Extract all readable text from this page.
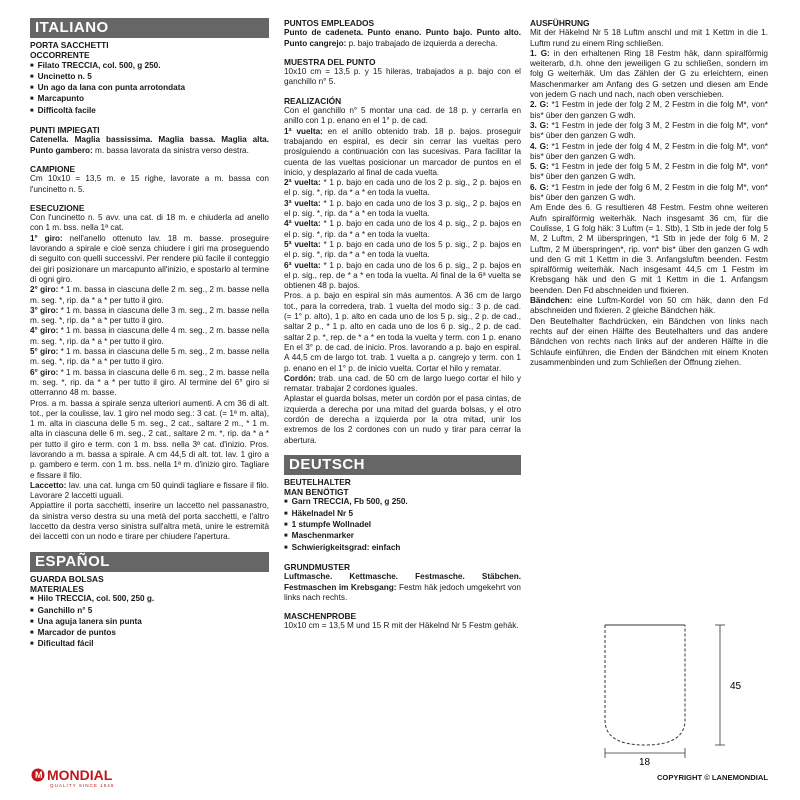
ITALIANO
PORTA SACCHETTI
OCCORRENTE
■ Filato TRECCIA, col. 500, g 250.
■ Uncinetto n. 5
■ Un ago da lana con punta arrotondata
■ Marcapunto
■ Difficoltà facile
PUNTI IMPIEGATI

Catenella. Maglia bassissima. Maglia bassa. Maglia alta. Punto gambero: m. bassa lavorata da sinistra verso destra.

CAMPIONE

Cm 10x10 = 13,5 m. e 15 righe, lavorate a m. bassa con l'uncinetto n. 5.

ESECUZIONE

Con l'uncinetto n. 5 avv. una cat. di 18 m. e chiuderla ad anello con 1 m. bss. nella 1ª cat.

1° giro: nell'anello ottenuto lav. 18 m. basse. proseguire lavorando a spirale e cioè senza chiudere i giri ma proseguendo di seguito con quelli successivi. Per rendere più facile il conteggio dei giri posizionare un marcapunto all'inizio, e spostarlo al termine di ogni giro.

2° giro: * 1 m. bassa in ciascuna delle 2 m. seg., 2 m. basse nella m. seg. *, rip. da * a * per tutto il giro.

3° giro: * 1 m. bassa in ciascuna delle 3 m. seg., 2 m. basse nella m. seg. *, rip. da * a * per tutto il giro.

4° giro: * 1 m. bassa in ciascuna delle 4 m. seg., 2 m. basse nella m. seg. *, rip. da * a * per tutto il giro.

5° giro: * 1 m. bassa in ciascuna delle 5 m. seg., 2 m. basse nella m. seg. *, rip. da * a * per tutto il giro.

6° giro: * 1 m. bassa in ciascuna delle 6 m. seg., 2 m. basse nella m. seg. *, rip. da * a * per tutto il giro. Al termine del 6° giro si otterranno 48 m. basse.

Pros. a m. bassa a spirale senza ulteriori aumenti. A cm 36 di alt. tot., per la coulisse, lav. 1 giro nel modo seg.: 3 cat. (= 1ª m. alta), 1 m. alta in ciascuna delle 5 m. seg., 2 cat., saltare 2 m., * 1 m. alta in ciascuna delle 6 m. seg., 2 cat., saltare 2 m. *, rip. da * a * per tutto il giro e term. con 1 m. bss. nella 3ª cat. d'inizio. Pros. lavorando a m. bassa a spirale. A cm 44,5 di alt. tot. lav. 1 giro a p. gambero e term. con 1 m. bss. nella 1ª m. d'inizio giro. Tagliare e fissare il filo.

Laccetto: lav. una cat. lunga cm 50 quindi tagliare e fissare il filo. Lavorare 2 laccetti uguali.

Appiattire il porta sacchetti, inserire un laccetto nel passanastro, da sinistra verso destra su una metà del porta sacchetti, e l'altro laccetto da destra verso sinistra sull'altra metà, unire le estremità dei laccetti con un nodo e tirare per chiudere l'apertura.

ESPAÑOL
GUARDA BOLSAS
MATERIALES
■ Hilo TRECCIA, col. 500, 250 g.
■ Ganchillo n° 5
■ Una aguja lanera sin punta
■ Marcador de puntos
■ Dificultad fácil
PUNTOS EMPLEADOS

Punto de cadeneta. Punto enano. Punto bajo. Punto alto. Punto cangrejo: p. bajo trabajado de izquierda a derecha.

MUESTRA DEL PUNTO

10x10 cm = 13,5 p. y 15 hileras, trabajados a p. bajo con el ganchillo n° 5.

REALIZACIÓN

Con el ganchillo n° 5 montar una cad. de 18 p. y cerrarla en anillo con 1 p. enano en el 1° p. de cad.

1ª vuelta: en el anillo obtenido trab. 18 p. bajos. proseguir trabajando en espiral, es decir sin cerrar las vueltas pero prosiguiendo a continuación con las sucesivas. Para facilitar la cuenta de las vueltas posicionar un marcador de puntos en el inicio, y desplazarlo al final de cada vuelta.

2ª vuelta: * 1 p. bajo en cada uno de los 2 p. sig., 2 p. bajos en el p. sig. *, rip. da * a * en toda la vuelta.

3ª vuelta: * 1 p. bajo en cada uno de los 3 p. sig., 2 p. bajos en el p. sig. *, rip. da * a * en toda la vuelta.

4ª vuelta: * 1 p. bajo en cada uno de los 4 p. sig., 2 p. bajos en el p. sig. *, rip. da * a * en toda la vuelta.

5ª vuelta: * 1 p. bajo en cada uno de los 5 p. sig., 2 p. bajos en el p. sig. *, rip. da * a * en toda la vuelta.

6ª vuelta: * 1 p. bajo en cada uno de los 6 p. sig., 2 p. bajos en el p. sig., rep. de * a * en toda la vuelta. Al final de la 6ª vuelta se obtienen 48 p. bajos.

Pros. a p. bajo en espiral sin más aumentos. A 36 cm de largo tot., para la corredera, trab. 1 vuelta del modo sig.: 3 p. de cad. (= 1° p. alto), 1 p. alto en cada uno de los 5 p. sig., 2 p. de cad., saltar 2 p., * 1 p. alto en cada uno de los 6 p. sig., 2 p. de cad. saltar 2 p. *, rep. de * a * en toda la vuelta y term. con 1 p. enano En el 3° p. de cad. de inicio. Pros. lavorando a p. bajo en espiral. A 44,5 cm de largo tot. trab. 1 vuelta a p. cangrejo y term. con 1 p. enano en el 1° p. de inicio vuelta. Cortar el hilo y rematar.

Cordón: trab. una cad. de 50 cm de largo luego cortar el hilo y rematar. trabajar 2 cordones iguales.

Aplastar el guarda bolsas, meter un cordón por el pasa cintas, de izquierda a derecha por una mitad del guarda bolsas, y el otro cordón de derecha a izquierda por la otra mitad, unir los extremos de los 2 cordones con un nudo y tirar para cerrar la abertura.

DEUTSCH
BEUTELHALTER
MAN BENÖTIGT
■ Garn TRECCIA, Fb 500, g 250.
■ Häkelnadel Nr 5
■ 1 stumpfe Wollnadel
■ Maschenmarker
■ Schwierigkeitsgrad: einfach
GRUNDMUSTER

Luftmasche. Kettmasche. Festmasche. Stäbchen. Festmaschen im Krebsgang: Festm häk jedoch umgekehrt von links nach rechts.

MASCHENPROBE

10x10 cm = 13,5 M und 15 R mit der Häkelnd Nr 5 Festm gehäk.

AUSFÜHRUNG

Mit der Häkelnd Nr 5 18 Luftm anschl und mit 1 Kettm in die 1. Luftm rund zu einem Ring schließen.

1. G: in den erhaltenen Ring 18 Festm häk, dann spiralförmig weiterarb, d.h. ohne den jeweiligen G zu schließen, sondern im folg G weiterhäk. Um das Zählen der G zu erleichtern, einen Maschenmarker am Anfang des G setzen und diesen am Ende von jedem G nach und nach, nach oben verschieben.

2. G: *1 Festm in jede der folg 2 M, 2 Festm in die folg M*, von* bis* über den ganzen G wdh.

3. G: *1 Festm in jede der folg 3 M, 2 Festm in die folg M*, von* bis* über den ganzen G wdh.

4. G: *1 Festm in jede der folg 4 M, 2 Festm in die folg M*, von* bis* über den ganzen G wdh.

5. G: *1 Festm in jede der folg 5 M, 2 Festm in die folg M*, von* bis* über den ganzen G wdh.

6. G: *1 Festm in jede der folg 6 M, 2 Festm in die folg M*, von* bis* über den ganzen G wdh.

Am Ende des 6. G resultieren 48 Festm. Festm ohne weiteren Aufn spiralförmig weiterhäk. Nach insgesamt 36 cm, für die Coulisse, 1 G folg häk: 3 Luftm (= 1. Stb), 1 Stb in jede der folg 5 M, 2 Luftm, 2 M überspringen, *1 Stb in jede der folg 6 M, 2 Luftm, 2 M überspringen*, rip. von* bis* über den ganzen G wdh und den G mit 1 Kettm in die 3. Anfangsluftm beenden. Festm spiralförmig weiterhäk. Nach insgesamt 44,5 cm 1 Festm im Krebsgang häk und den G mit 1 Kettm in die 1. Anfangsm beenden. Den Fd abschneiden und fixieren.

Bändchen: eine Luftm-Kordel von 50 cm häk, dann den Fd abschneiden und fixieren. 2 gleiche Bändchen häk.

Den Beutelhalter flachdrücken, ein Bändchen von links nach rechts auf der einen Hälfte des Beutelhalters und das andere Bändchen von rechts nach links auf der anderen Hälfte in die Schlaufe einführen, die Enden der Bändchen mit einem Knoten zusammenbinden und zum Schließen der Öffnung ziehen.

45
18
M MONDIAL
QUALITY SINCE 1946
COPYRIGHT © LANEMONDIAL
